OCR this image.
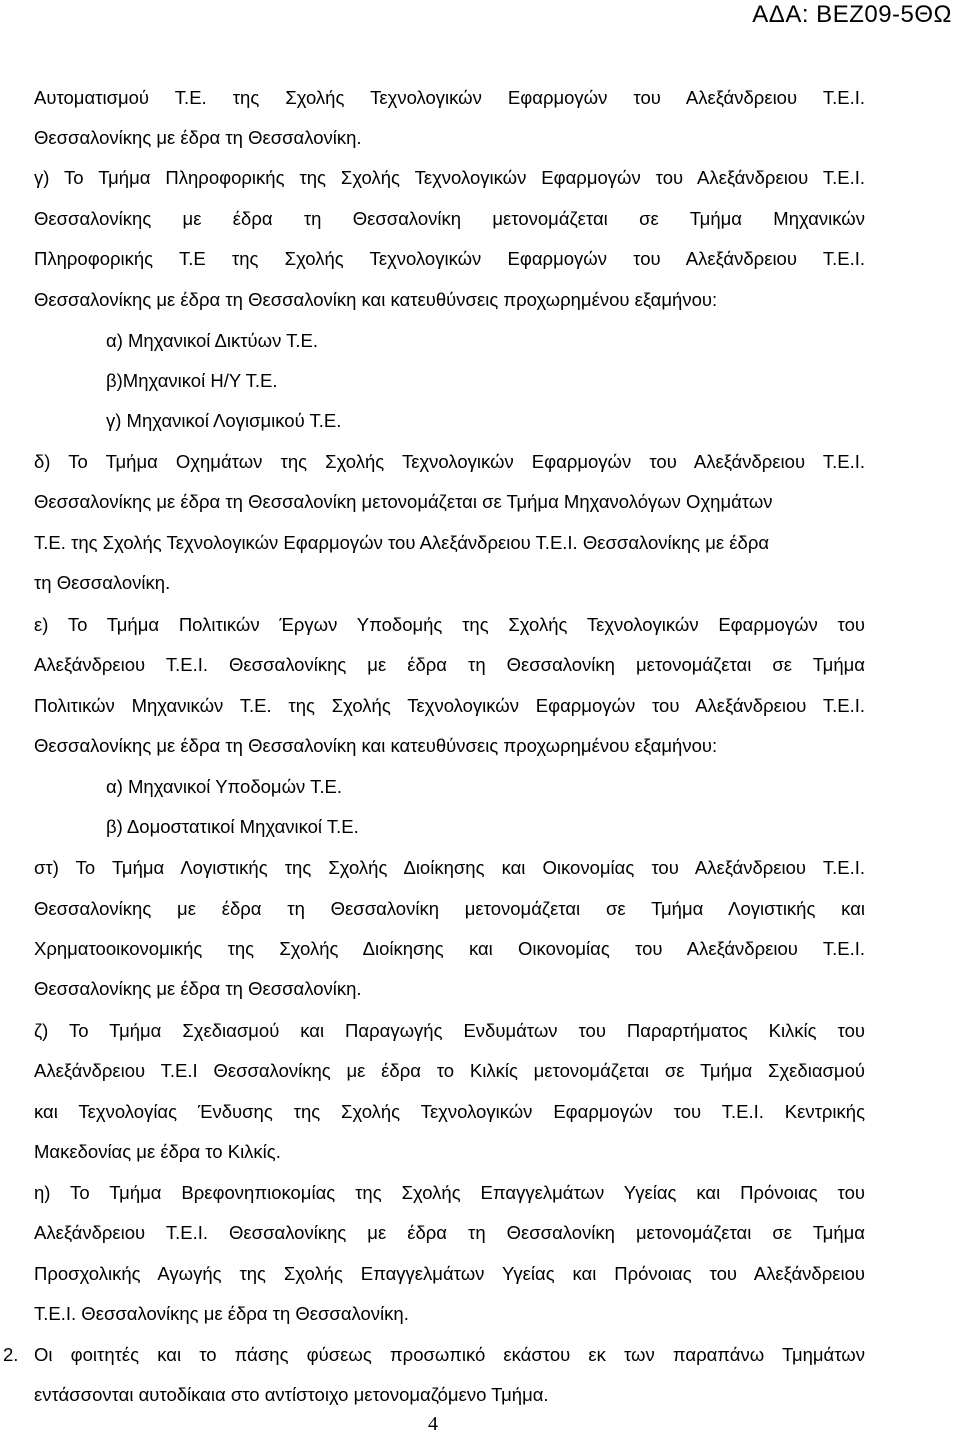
ΑΔΑ: ΒΕΖ09-5ΘΩ
Αυτοματισμού Τ.Ε. της Σχολής Τεχνολογικών Εφαρμογών του Αλεξάνδρειου Τ.Ε.Ι.
Θεσσαλονίκης με έδρα τη Θεσσαλονίκη.
γ) Το Τμήμα Πληροφορικής της Σχολής Τεχνολογικών Εφαρμογών του Αλεξάνδρειου Τ.Ε.Ι.
Θεσσαλονίκης με έδρα τη Θεσσαλονίκη μετονομάζεται σε Τμήμα Μηχανικών
Πληροφορικής Τ.Ε της Σχολής Τεχνολογικών Εφαρμογών του Αλεξάνδρειου Τ.Ε.Ι.
Θεσσαλονίκης με έδρα τη Θεσσαλονίκη και κατευθύνσεις προχωρημένου εξαμήνου:
α) Μηχανικοί Δικτύων Τ.Ε.
β)Μηχανικοί Η/Υ Τ.Ε.
γ) Μηχανικοί Λογισμικού Τ.Ε.
δ) Το Τμήμα Οχημάτων της Σχολής Τεχνολογικών Εφαρμογών του Αλεξάνδρειου Τ.Ε.Ι.
Θεσσαλονίκης με έδρα τη Θεσσαλονίκη μετονομάζεται σε Τμήμα Μηχανολόγων Οχημάτων
Τ.Ε. της Σχολής Τεχνολογικών Εφαρμογών του Αλεξάνδρειου Τ.Ε.Ι. Θεσσαλονίκης με έδρα
τη Θεσσαλονίκη.
ε) Το Τμήμα Πολιτικών Έργων Υποδομής της Σχολής Τεχνολογικών Εφαρμογών του
Αλεξάνδρειου Τ.Ε.Ι. Θεσσαλονίκης με έδρα τη Θεσσαλονίκη μετονομάζεται σε Τμήμα
Πολιτικών Μηχανικών Τ.Ε. της Σχολής Τεχνολογικών Εφαρμογών του Αλεξάνδρειου Τ.Ε.Ι.
Θεσσαλονίκης με έδρα τη Θεσσαλονίκη και κατευθύνσεις προχωρημένου εξαμήνου:
α) Μηχανικοί Υποδομών Τ.Ε.
β) Δομοστατικοί Μηχανικοί Τ.Ε.
στ) Το Τμήμα Λογιστικής της Σχολής Διοίκησης και Οικονομίας του Αλεξάνδρειου Τ.Ε.Ι.
Θεσσαλονίκης με έδρα τη Θεσσαλονίκη μετονομάζεται σε Τμήμα Λογιστικής και
Χρηματοοικονομικής της Σχολής Διοίκησης και Οικονομίας του Αλεξάνδρειου Τ.Ε.Ι.
Θεσσαλονίκης με έδρα τη Θεσσαλονίκη.
ζ) Το Τμήμα Σχεδιασμού και Παραγωγής Ενδυμάτων του Παραρτήματος Κιλκίς του
Αλεξάνδρειου Τ.Ε.Ι Θεσσαλονίκης με έδρα το Κιλκίς μετονομάζεται σε Τμήμα Σχεδιασμού
και Τεχνολογίας Ένδυσης της Σχολής Τεχνολογικών Εφαρμογών του Τ.Ε.Ι. Κεντρικής
Μακεδονίας με έδρα το Κιλκίς.
η) Το Τμήμα Βρεφονηπιοκομίας της Σχολής Επαγγελμάτων Υγείας και Πρόνοιας του
Αλεξάνδρειου Τ.Ε.Ι. Θεσσαλονίκης με έδρα τη Θεσσαλονίκη μετονομάζεται σε Τμήμα
Προσχολικής Αγωγής της Σχολής Επαγγελμάτων Υγείας και Πρόνοιας του Αλεξάνδρειου
Τ.Ε.Ι. Θεσσαλονίκης με έδρα τη Θεσσαλονίκη.
2. Οι φοιτητές και το πάσης φύσεως προσωπικό εκάστου εκ των παραπάνω Τμημάτων
εντάσσονται αυτοδίκαια στο αντίστοιχο μετονομαζόμενο Τμήμα.
4
